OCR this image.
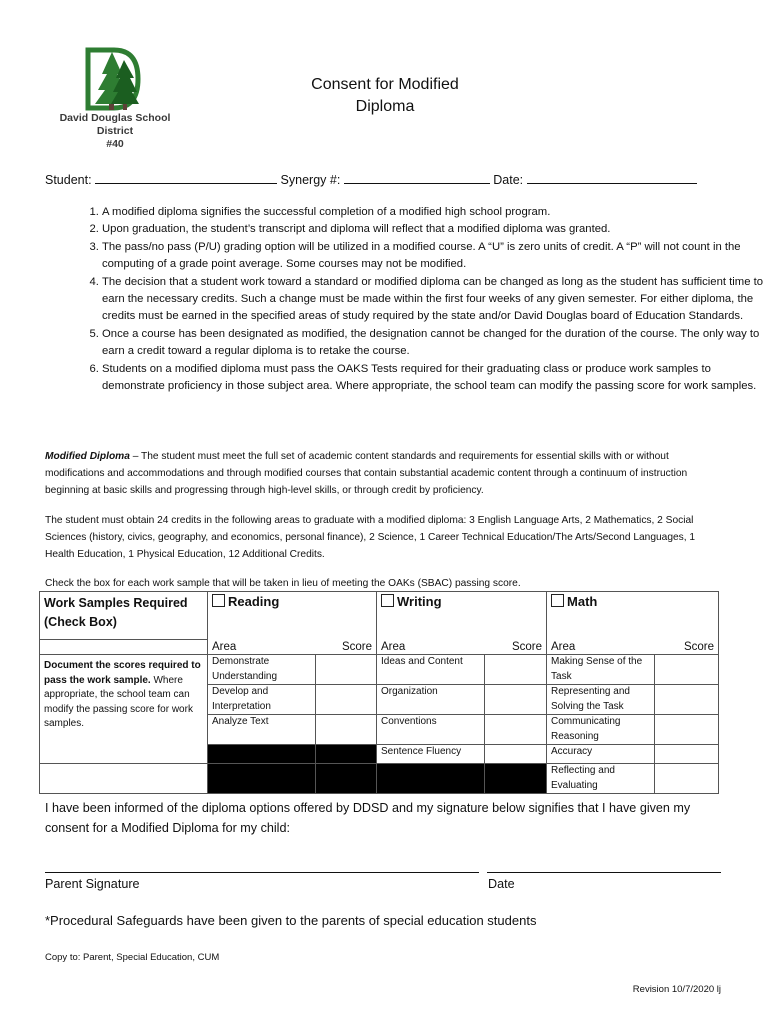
David Douglas School District
#40
Consent for Modified
Diploma
Student:	Synergy #:	Date:
1. A modified diploma signifies the successful completion of a modified high school program.
2. Upon graduation, the student’s transcript and diploma will reflect that a modified diploma was granted.
3. The pass/no pass (P/U) grading option will be utilized in a modified course. A “U” is zero units of credit. A “P” will not count in the computing of a grade point average. Some courses may not be modified.
4. The decision that a student work toward a standard or modified diploma can be changed as long as the student has sufficient time to earn the necessary credits. Such a change must be made within the first four weeks of any given semester. For either diploma, the credits must be earned in the specified areas of study required by the state and/or David Douglas board of Education Standards.
5. Once a course has been designated as modified, the designation cannot be changed for the duration of the course. The only way to earn a credit toward a regular diploma is to retake the course.
6. Students on a modified diploma must pass the OAKS Tests required for their graduating class or produce work samples to demonstrate proficiency in those subject area. Where appropriate, the school team can modify the passing score for work samples.
Modified Diploma – The student must meet the full set of academic content standards and requirements for essential skills with or without modifications and accommodations and through modified courses that contain substantial academic content through a continuum of instruction beginning at basic skills and progressing through high-level skills, or through credit by proficiency.
The student must obtain 24 credits in the following areas to graduate with a modified diploma: 3 English Language Arts, 2 Mathematics, 2 Social Sciences (history, civics, geography, and economics, personal finance), 2 Science, 1 Career Technical Education/The Arts/Second Languages, 1 Health Education, 1 Physical Education, 12 Additional Credits.
Check the box for each work sample that will be taken in lieu of meeting the OAKs (SBAC) passing score.
Work Samples Required (Check Box)	Reading		Writing		Math	

	Area	Score	Area	Score	Area	Score
Document the scores required to pass the work sample. Where appropriate, the school team can modify the passing score for work samples.	Demonstrate Understanding		Ideas and Content		Making Sense of the Task	
	Develop and Interpretation		Organization		Representing and Solving the Task	
	Analyze Text		Conventions		Communicating Reasoning	
			Sentence Fluency		Accuracy	
					Reflecting and Evaluating	
I have been informed of the diploma options offered by DDSD and my signature below signifies that I have given my consent for a Modified Diploma for my child:
Parent Signature	Date
*Procedural Safeguards have been given to the parents of special education students
Copy to: Parent, Special Education, CUM
Revision 10/7/2020 lj
